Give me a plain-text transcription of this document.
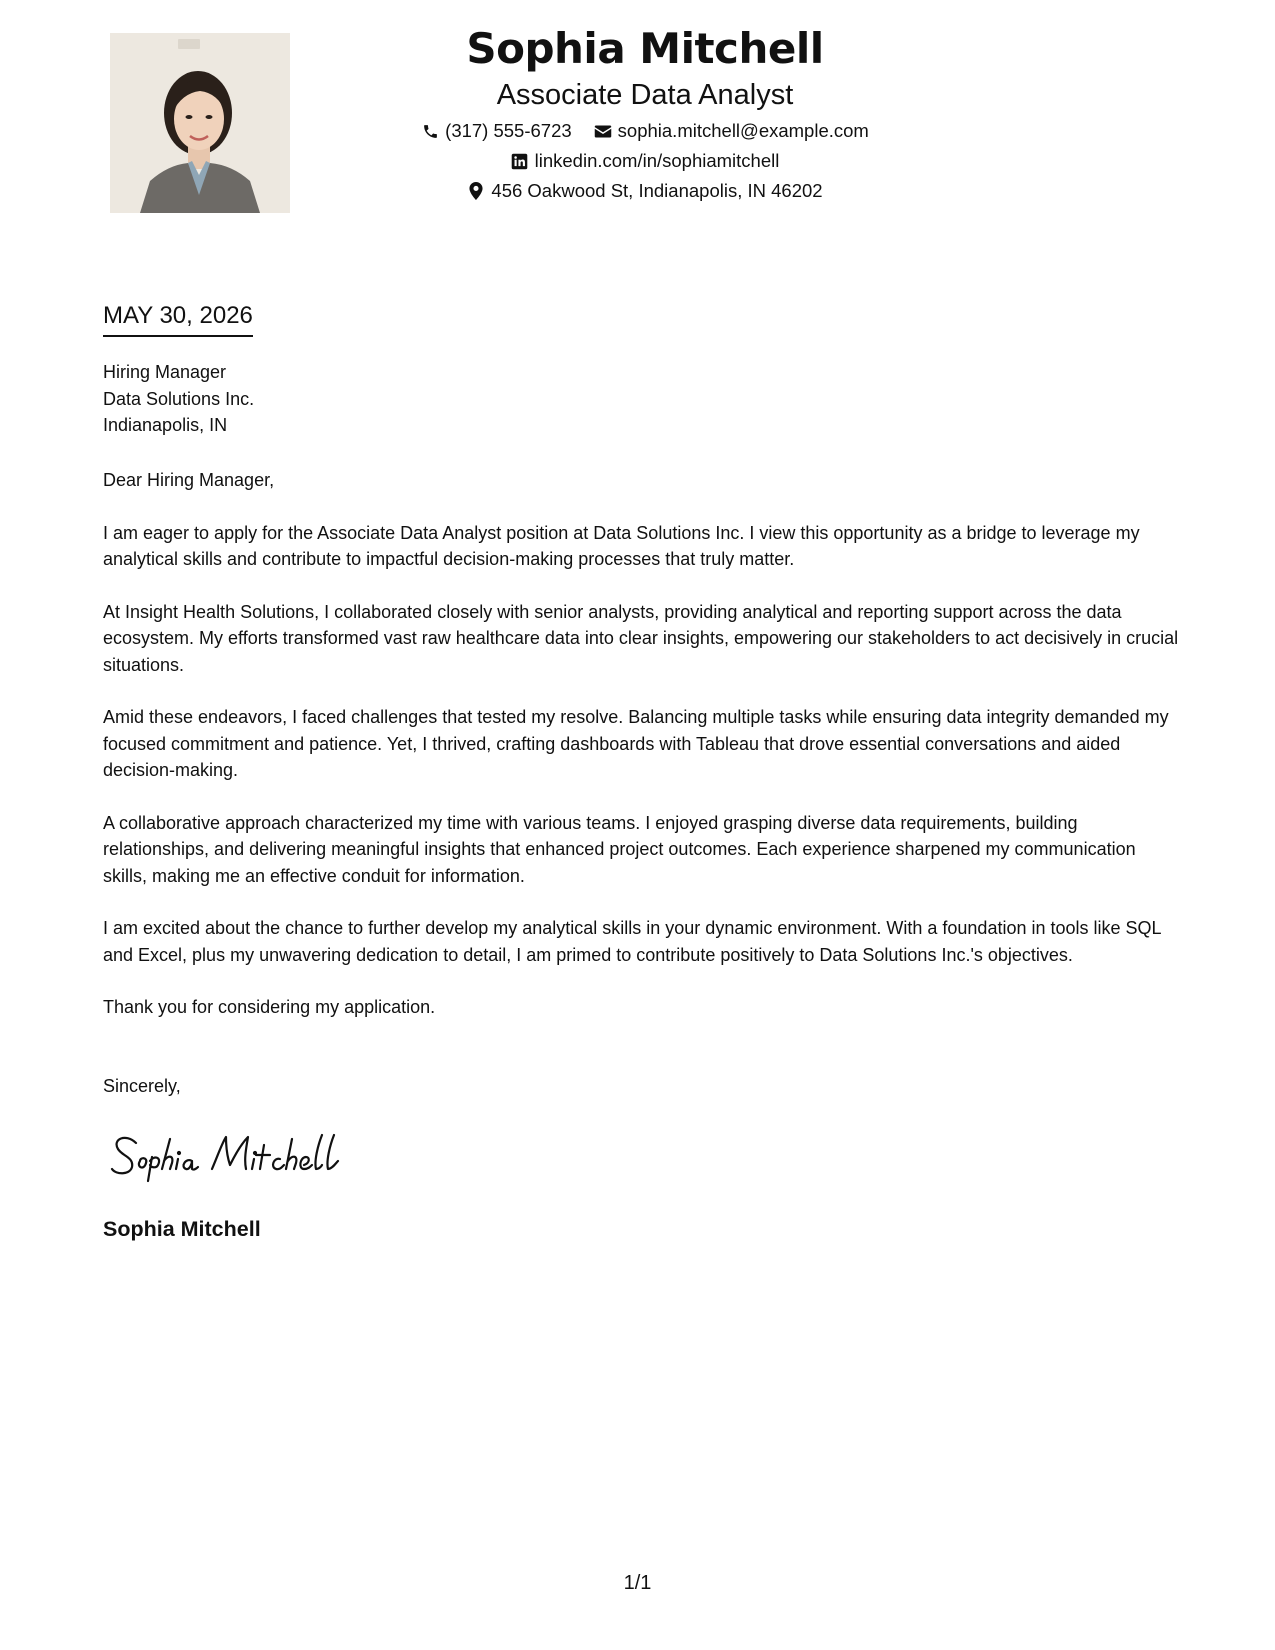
Sophia Mitchell
Associate Data Analyst
(317) 555-6723 sophia.mitchell@example.com
linkedin.com/in/sophiamitchell
456 Oakwood St, Indianapolis, IN 46202
MAY 30, 2026
Hiring Manager
Data Solutions Inc.
Indianapolis, IN

Dear Hiring Manager,

I am eager to apply for the Associate Data Analyst position at Data Solutions Inc. I view this opportunity as a bridge to leverage my analytical skills and contribute to impactful decision-making processes that truly matter.

At Insight Health Solutions, I collaborated closely with senior analysts, providing analytical and reporting support across the data ecosystem. My efforts transformed vast raw healthcare data into clear insights, empowering our stakeholders to act decisively in crucial situations.

Amid these endeavors, I faced challenges that tested my resolve. Balancing multiple tasks while ensuring data integrity demanded my focused commitment and patience. Yet, I thrived, crafting dashboards with Tableau that drove essential conversations and aided decision-making.

A collaborative approach characterized my time with various teams. I enjoyed grasping diverse data requirements, building relationships, and delivering meaningful insights that enhanced project outcomes. Each experience sharpened my communication skills, making me an effective conduit for information.

I am excited about the chance to further develop my analytical skills in your dynamic environment. With a foundation in tools like SQL and Excel, plus my unwavering dedication to detail, I am primed to contribute positively to Data Solutions Inc.'s objectives.

Thank you for considering my application.

Sincerely,
Sophia Mitchell
1/1
